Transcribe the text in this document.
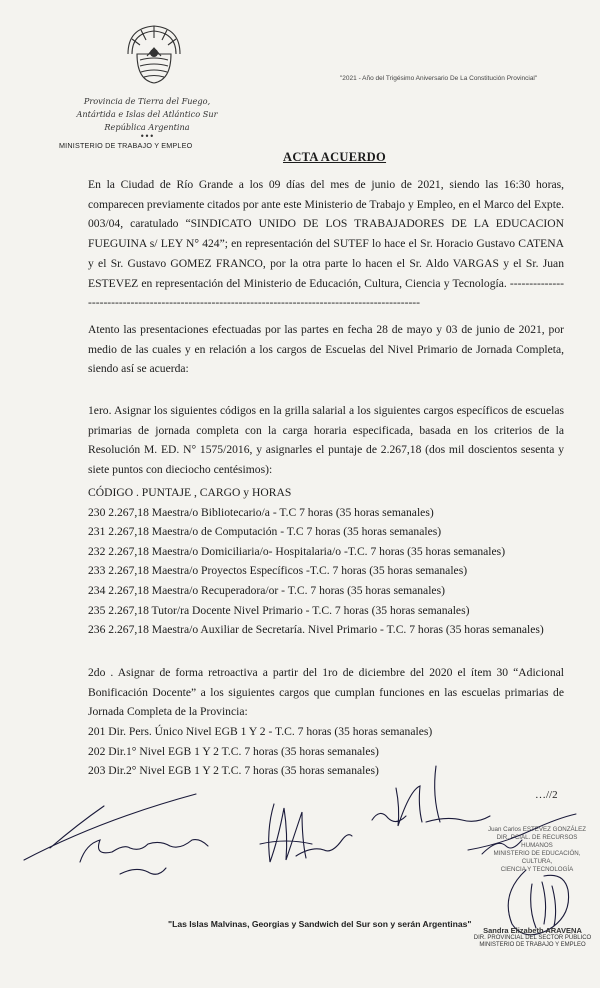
"2021 - Año del Trigésimo Aniversario De La Constitución Provincial"
Provincia de Tierra del Fuego,
Antártida e Islas del Atlántico Sur
República Argentina
•••
MINISTERIO DE TRABAJO Y EMPLEO
ACTA ACUERDO
En la Ciudad de Río Grande a los 09 días del mes de junio de 2021, siendo las 16:30 horas, comparecen previamente citados por ante este Ministerio de Trabajo y Empleo, en el Marco del Expte. 003/04, caratulado “SINDICATO UNIDO DE LOS TRABAJADORES DE LA EDUCACION FUEGUINA s/ LEY N° 424”; en representación del SUTEF lo hace el Sr. Horacio Gustavo CATENA y el Sr. Gustavo GOMEZ FRANCO, por la otra parte lo hacen el Sr. Aldo VARGAS y el Sr. Juan ESTEVEZ en representación del Ministerio de Educación, Cultura, Ciencia y Tecnología. ----------------------------------------------------------------------------------------------------
Atento las presentaciones efectuadas por las partes en fecha 28 de mayo y 03 de junio de 2021, por medio de las cuales y en relación a los cargos de Escuelas del Nivel Primario de Jornada Completa, siendo así se acuerda:
1ero. Asignar los siguientes códigos en la grilla salarial a los siguientes cargos específicos de escuelas primarias de jornada completa con la carga horaria especificada, basada en los criterios de la Resolución M. ED. N° 1575/2016, y asignarles el puntaje de 2.267,18 (dos mil doscientos sesenta y siete puntos con dieciocho centésimos):
CÓDIGO . PUNTAJE , CARGO y HORAS
230 2.267,18 Maestra/o Bibliotecario/a - T.C 7 horas (35 horas semanales)
231 2.267,18 Maestra/o de Computación - T.C 7 horas (35 horas semanales)
232 2.267,18 Maestra/o Domiciliaria/o- Hospitalaria/o -T.C. 7 horas (35 horas semanales)
233 2.267,18 Maestra/o Proyectos Específicos -T.C. 7 horas (35 horas semanales)
234 2.267,18 Maestra/o Recuperadora/or - T.C. 7 horas (35 horas semanales)
235 2.267,18 Tutor/ra Docente Nivel Primario - T.C. 7 horas (35 horas semanales)
236 2.267,18 Maestra/o Auxiliar de Secretaría. Nivel Primario - T.C. 7 horas (35 horas semanales)
2do . Asignar de forma retroactiva a partir del 1ro de diciembre del 2020 el ítem 30 “Adicional Bonificación Docente” a los siguientes cargos que cumplan funciones en las escuelas primarias de Jornada Completa de la Provincia:
201 Dir. Pers. Único Nivel EGB 1 Y 2 - T.C. 7 horas (35 horas semanales)
202 Dir.1° Nivel EGB 1 Y 2 T.C. 7 horas (35 horas semanales)
203 Dir.2° Nivel EGB 1 Y 2 T.C. 7 horas (35 horas semanales)
…//2
Juan Carlos ESTEVEZ GONZÁLEZ
DIR. PCIAL. DE RECURSOS HUMANOS
MINISTERIO DE EDUCACIÓN, CULTURA,
CIENCIA Y TECNOLOGÍA
Sandra Elizabeth ARAVENA
DIR. PROVINCIAL DEL SECTOR PÚBLICO
MINISTERIO DE TRABAJO Y EMPLEO
"Las Islas Malvinas, Georgias y Sandwich del Sur son y serán Argentinas"
